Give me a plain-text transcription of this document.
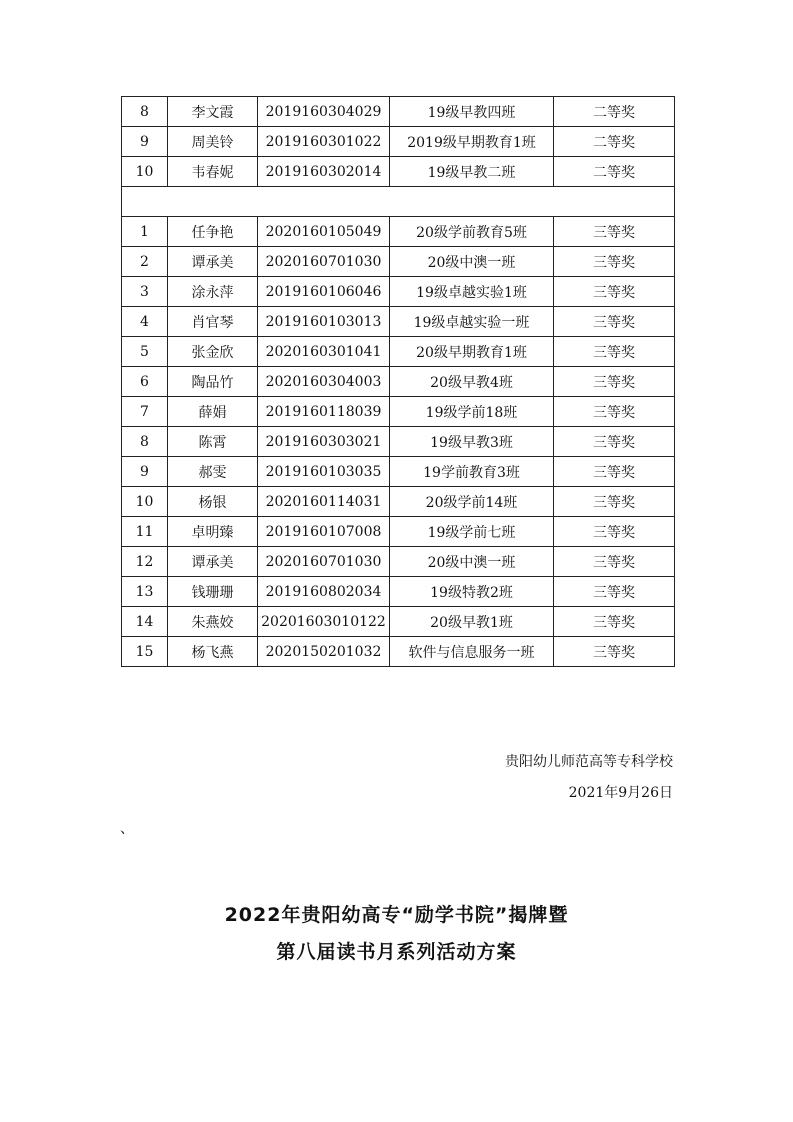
8	李文霞	2019160304029	19级早教四班	二等奖
9	周美铃	2019160301022	2019级早期教育1班	二等奖
10	韦春妮	2019160302014	19级早教二班	二等奖

1	任争艳	2020160105049	20级学前教育5班	三等奖
2	谭承美	2020160701030	20级中澳一班	三等奖
3	涂永萍	2019160106046	19级卓越实验1班	三等奖
4	肖官琴	2019160103013	19级卓越实验一班	三等奖
5	张金欣	2020160301041	20级早期教育1班	三等奖
6	陶品竹	2020160304003	20级早教4班	三等奖
7	薛娟	2019160118039	19级学前18班	三等奖
8	陈霄	2019160303021	19级早教3班	三等奖
9	郝雯	2019160103035	19学前教育3班	三等奖
10	杨银	2020160114031	20级学前14班	三等奖
11	卓明臻	2019160107008	19级学前七班	三等奖
12	谭承美	2020160701030	20级中澳一班	三等奖
13	钱珊珊	2019160802034	19级特教2班	三等奖
14	朱燕姣	20201603010122	20级早教1班	三等奖
15	杨飞燕	2020150201032	软件与信息服务一班	三等奖
贵阳幼儿师范高等专科学校
2021年9月26日
、
2022年贵阳幼高专“励学书院”揭牌暨
第八届读书月系列活动方案
